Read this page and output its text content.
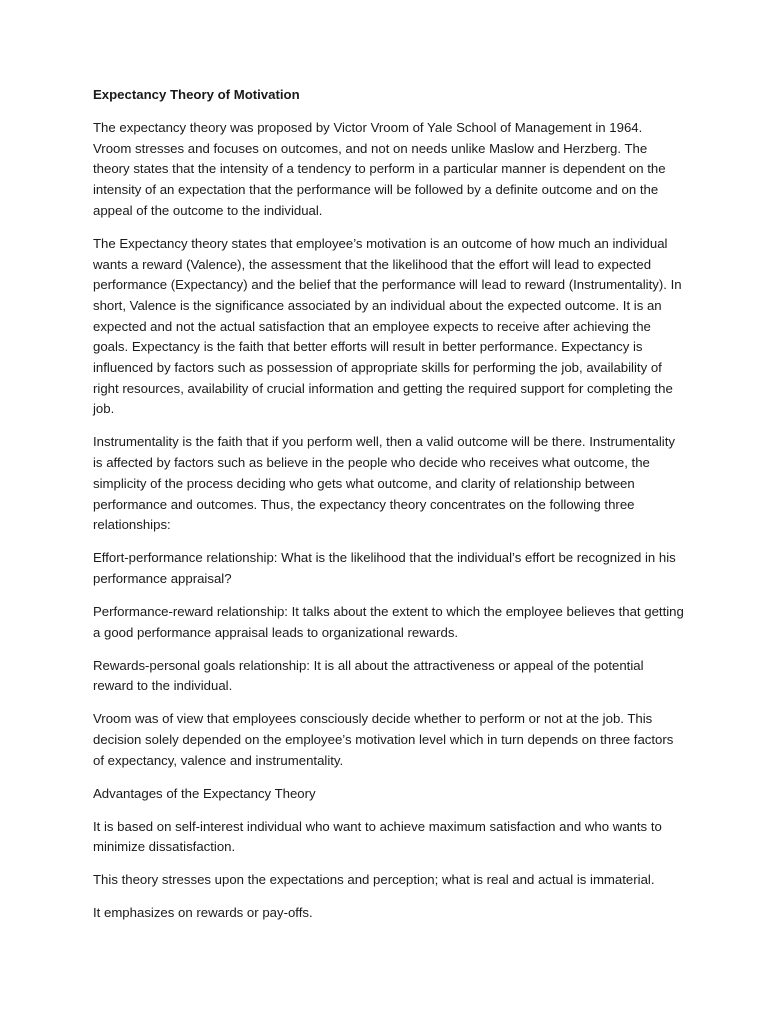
Expectancy Theory of Motivation

The expectancy theory was proposed by Victor Vroom of Yale School of Management in 1964. Vroom stresses and focuses on outcomes, and not on needs unlike Maslow and Herzberg. The theory states that the intensity of a tendency to perform in a particular manner is dependent on the intensity of an expectation that the performance will be followed by a definite outcome and on the appeal of the outcome to the individual.

The Expectancy theory states that employee’s motivation is an outcome of how much an individual wants a reward (Valence), the assessment that the likelihood that the effort will lead to expected performance (Expectancy) and the belief that the performance will lead to reward (Instrumentality). In short, Valence is the significance associated by an individual about the expected outcome. It is an expected and not the actual satisfaction that an employee expects to receive after achieving the goals. Expectancy is the faith that better efforts will result in better performance. Expectancy is influenced by factors such as possession of appropriate skills for performing the job, availability of right resources, availability of crucial information and getting the required support for completing the job.

Instrumentality is the faith that if you perform well, then a valid outcome will be there. Instrumentality is affected by factors such as believe in the people who decide who receives what outcome, the simplicity of the process deciding who gets what outcome, and clarity of relationship between performance and outcomes. Thus, the expectancy theory concentrates on the following three relationships:

Effort-performance relationship: What is the likelihood that the individual’s effort be recognized in his performance appraisal?

Performance-reward relationship: It talks about the extent to which the employee believes that getting a good performance appraisal leads to organizational rewards.

Rewards-personal goals relationship: It is all about the attractiveness or appeal of the potential reward to the individual.

Vroom was of view that employees consciously decide whether to perform or not at the job. This decision solely depended on the employee’s motivation level which in turn depends on three factors of expectancy, valence and instrumentality.

Advantages of the Expectancy Theory

It is based on self-interest individual who want to achieve maximum satisfaction and who wants to minimize dissatisfaction.

This theory stresses upon the expectations and perception; what is real and actual is immaterial.

It emphasizes on rewards or pay-offs.
